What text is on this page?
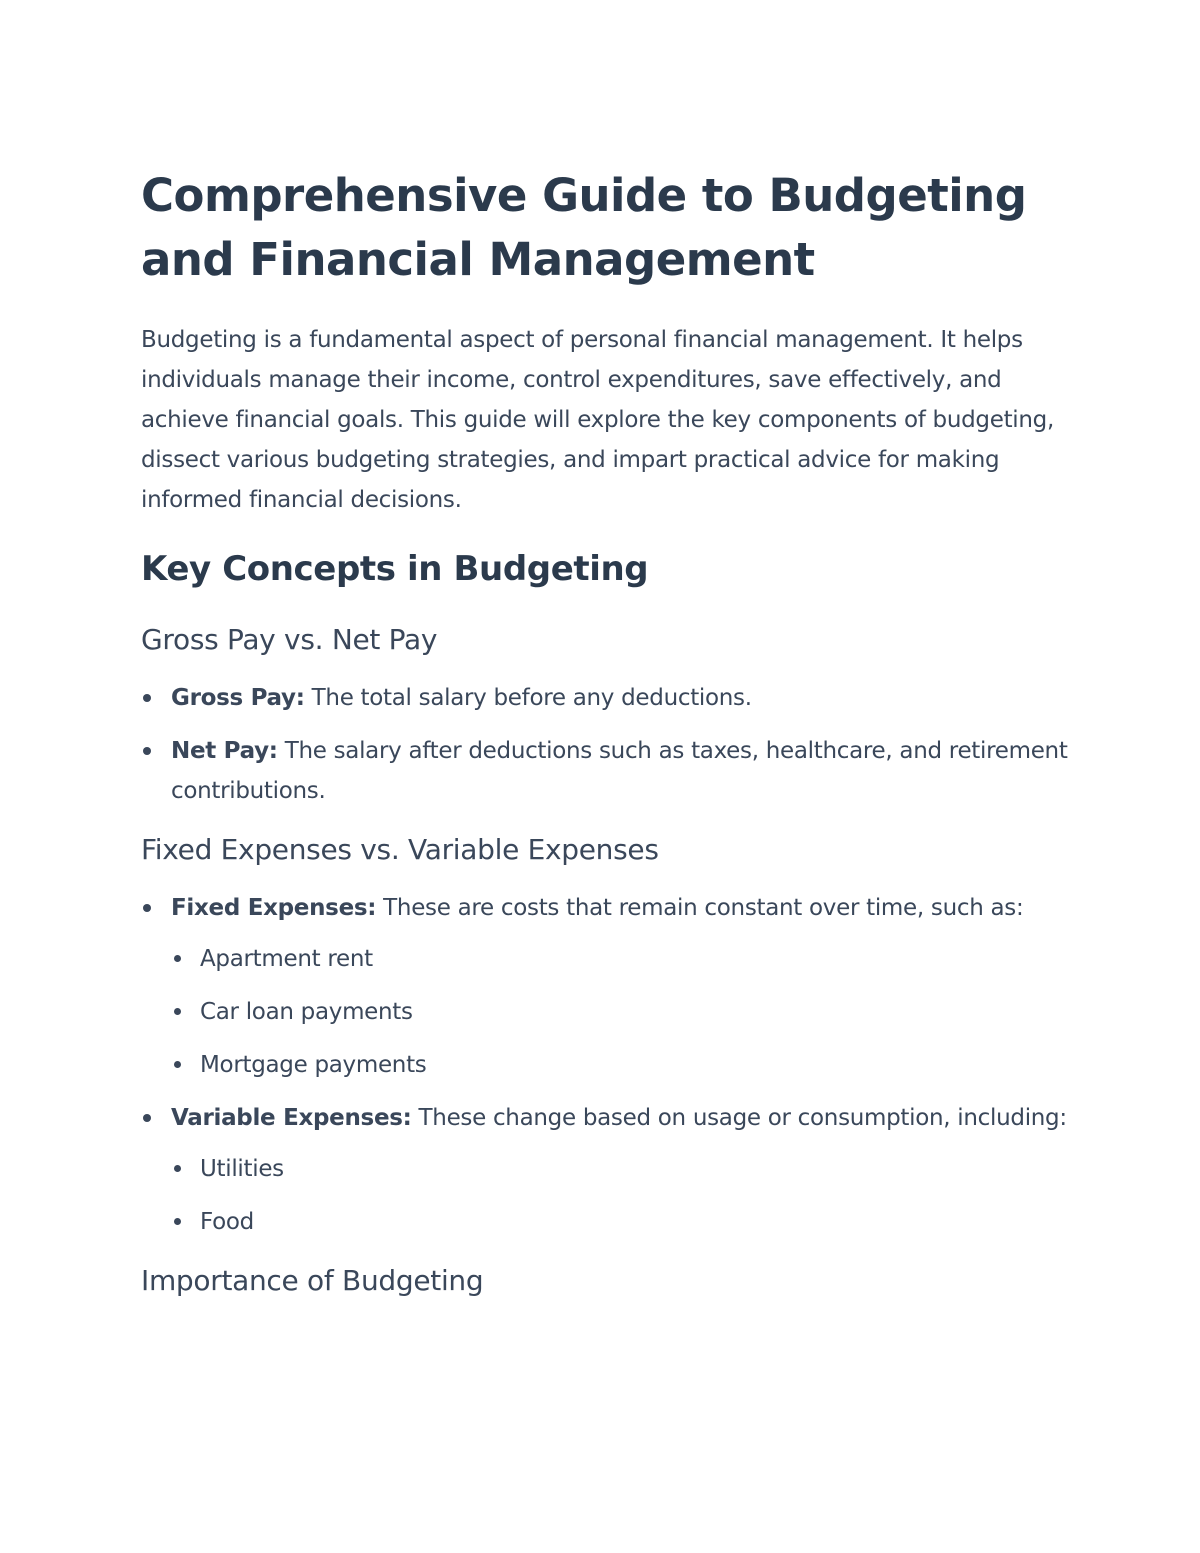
Comprehensive Guide to Budgeting and Financial Management

Budgeting is a fundamental aspect of personal financial management. It helps individuals manage their income, control expenditures, save effectively, and achieve financial goals. This guide will explore the key components of budgeting, dissect various budgeting strategies, and impart practical advice for making informed financial decisions.

Key Concepts in Budgeting
Gross Pay vs. Net Pay
Gross Pay: The total salary before any deductions.
Net Pay: The salary after deductions such as taxes, healthcare, and retirement contributions.
Fixed Expenses vs. Variable Expenses
Fixed Expenses: These are costs that remain constant over time, such as:
Apartment rent
Car loan payments
Mortgage payments
Variable Expenses: These change based on usage or consumption, including:
Utilities
Food
Importance of Budgeting
